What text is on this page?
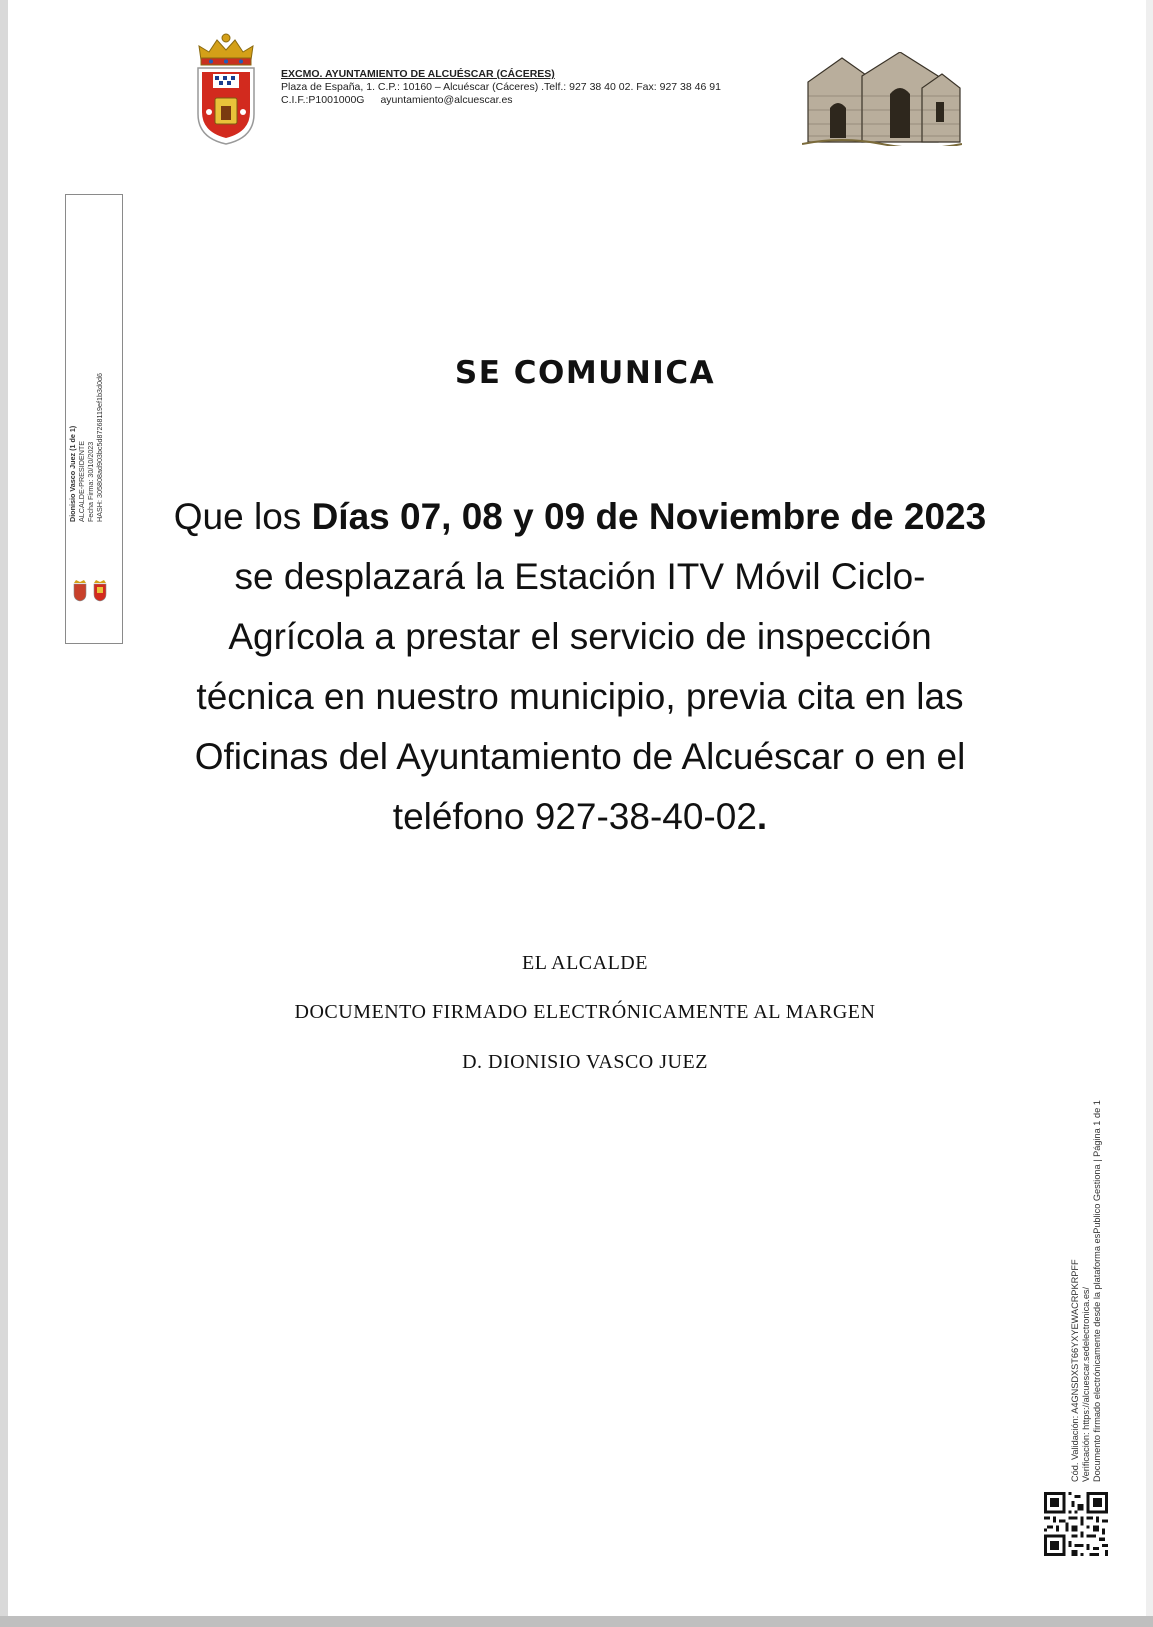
EXCMO. AYUNTAMIENTO DE ALCUÉSCAR (CÁCERES)
Plaza de España, 1. C.P.: 10160 – Alcuéscar (Cáceres) .Telf.: 927 38 40 02. Fax: 927 38 46 91
C.I.F.:P1001000G ayuntamiento@alcuescar.es
Dionisio Vasco Juez (1 de 1) ALCALDE-PRESIDENTE Fecha Firma: 30/10/2023 HASH: 305808ad903bc5d87268119ef1b3d0d6
SE COMUNICA
Que los Días 07, 08 y 09 de Noviembre de 2023 se desplazará la Estación ITV Móvil Ciclo-Agrícola a prestar el servicio de inspección técnica en nuestro municipio, previa cita en las Oficinas del Ayuntamiento de Alcuéscar o en el teléfono 927-38-40-02.
EL ALCALDE
DOCUMENTO FIRMADO ELECTRÓNICAMENTE AL MARGEN
D. DIONISIO VASCO JUEZ
Cód. Validación: A4GNSDXST66YXYEWACRPKRPFF Verificación: https://alcuescar.sedelectronica.es/ Documento firmado electrónicamente desde la plataforma esPublico Gestiona | Página 1 de 1
